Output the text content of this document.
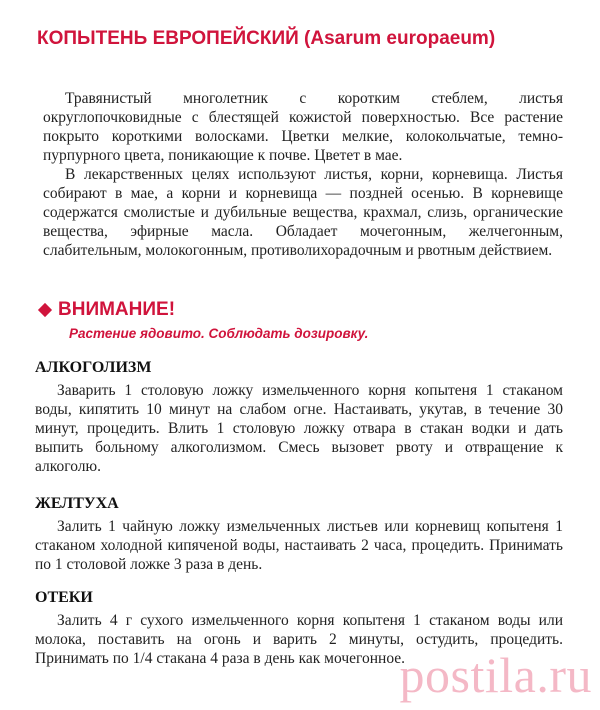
КОПЫТЕНЬ ЕВРОПЕЙСКИЙ (Asarum europaeum)

Травянистый многолетник с коротким стеблем, листья округлопочковидные с блестящей кожистой поверхностью. Все растение покрыто короткими волосками. Цветки мелкие, колокольчатые, темно-пурпурного цвета, поникающие к почве. Цветет в мае.

В лекарственных целях используют листья, корни, корневища. Листья собирают в мае, а корни и корневища — поздней осенью. В корневище содержатся смолистые и дубильные вещества, крахмал, слизь, органические вещества, эфирные масла. Обладает мочегонным, желчегонным, слабительным, молокогонным, противолихорадочным и рвотным действием.

ВНИМАНИЕ!
Растение ядовито. Соблюдать дозировку.
АЛКОГОЛИЗМ

Заварить 1 столовую ложку измельченного корня копытеня 1 стаканом воды, кипятить 10 минут на слабом огне. Настаивать, укутав, в течение 30 минут, процедить. Влить 1 столовую ложку отвара в стакан водки и дать выпить больному алкоголизмом. Смесь вызовет рвоту и отвращение к алкоголю.

ЖЕЛТУХА

Залить 1 чайную ложку измельченных листьев или корневищ копытеня 1 стаканом холодной кипяченой воды, настаивать 2 часа, процедить. Принимать по 1 столовой ложке 3 раза в день.

ОТЕКИ

Залить 4 г сухого измельченного корня копытеня 1 стаканом воды или молока, поставить на огонь и варить 2 минуты, остудить, процедить. Принимать по 1/4 стакана 4 раза в день как мочегонное.

postila.ru
